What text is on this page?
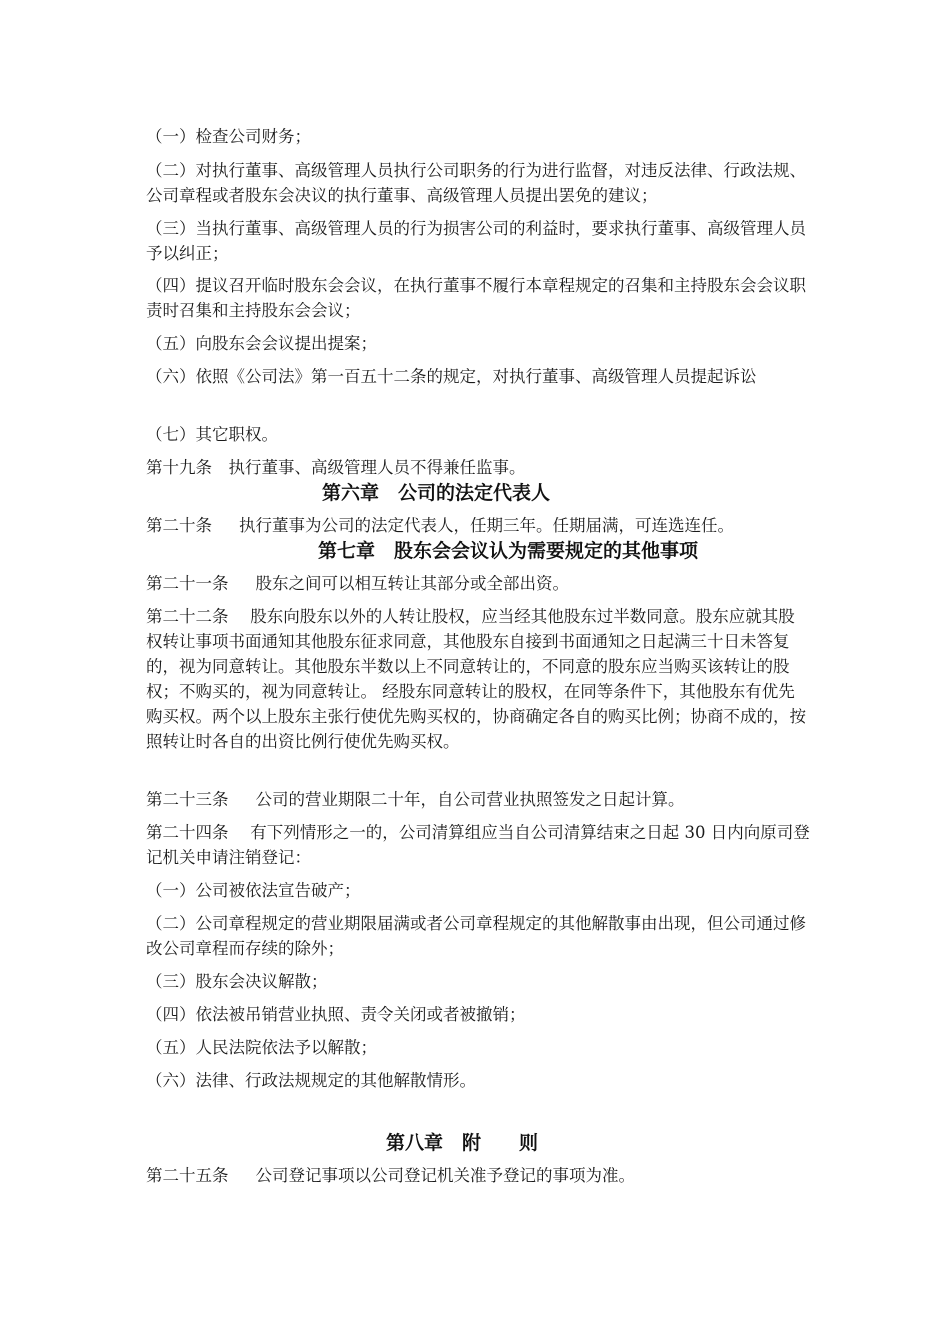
（一）检查公司财务；

（二）对执行董事、高级管理人员执行公司职务的行为进行监督，对违反法律、行政法规、公司章程或者股东会决议的执行董事、高级管理人员提出罢免的建议；

（三）当执行董事、高级管理人员的行为损害公司的利益时，要求执行董事、高级管理人员予以纠正；

（四）提议召开临时股东会会议，在执行董事不履行本章程规定的召集和主持股东会会议职责时召集和主持股东会会议；

（五）向股东会会议提出提案；

（六）依照《公司法》第一百五十二条的规定，对执行董事、高级管理人员提起诉讼

（七）其它职权。

第十九条　执行董事、高级管理人员不得兼任监事。

第六章　公司的法定代表人

第二十条　  执行董事为公司的法定代表人，任期三年。任期届满，可连选连任。

第七章　股东会会议认为需要规定的其他事项

第二十一条　  股东之间可以相互转让其部分或全部出资。

第二十二条　 股东向股东以外的人转让股权，应当经其他股东过半数同意。股东应就其股权转让事项书面通知其他股东征求同意，其他股东自接到书面通知之日起满三十日未答复的，视为同意转让。其他股东半数以上不同意转让的，不同意的股东应当购买该转让的股权；不购买的，视为同意转让。 经股东同意转让的股权，在同等条件下，其他股东有优先购买权。两个以上股东主张行使优先购买权的，协商确定各自的购买比例；协商不成的，按照转让时各自的出资比例行使优先购买权。

第二十三条　  公司的营业期限二十年，自公司营业执照签发之日起计算。

第二十四条　 有下列情形之一的，公司清算组应当自公司清算结束之日起 30 日内向原司登记机关申请注销登记：

（一）公司被依法宣告破产；

（二）公司章程规定的营业期限届满或者公司章程规定的其他解散事由出现，但公司通过修改公司章程而存续的除外；

（三）股东会决议解散；

（四）依法被吊销营业执照、责令关闭或者被撤销；

（五）人民法院依法予以解散；

（六）法律、行政法规规定的其他解散情形。

第八章　附　　则

第二十五条　  公司登记事项以公司登记机关准予登记的事项为准。
